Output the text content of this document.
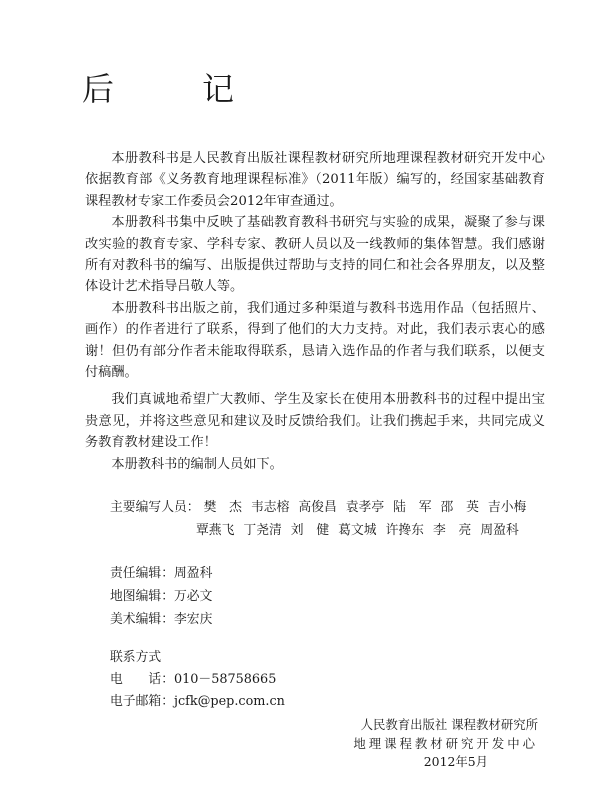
后　记

本册教科书是人民教育出版社课程教材研究所地理课程教材研究开发中心依据教育部《义务教育地理课程标准》（2011年版）编写的，经国家基础教育课程教材专家工作委员会2012年审查通过。

本册教科书集中反映了基础教育教科书研究与实验的成果，凝聚了参与课改实验的教育专家、学科专家、教研人员以及一线教师的集体智慧。我们感谢所有对教科书的编写、出版提供过帮助与支持的同仁和社会各界朋友，以及整体设计艺术指导吕敬人等。

本册教科书出版之前，我们通过多种渠道与教科书选用作品（包括照片、画作）的作者进行了联系，得到了他们的大力支持。对此，我们表示衷心的感谢！但仍有部分作者未能取得联系，恳请入选作品的作者与我们联系，以便支付稿酬。

我们真诚地希望广大教师、学生及家长在使用本册教科书的过程中提出宝贵意见，并将这些意见和建议及时反馈给我们。让我们携起手来，共同完成义务教育教材建设工作！

本册教科书的编制人员如下。

主要编写人员： 樊　杰 韦志榕 高俊昌 袁孝亭 陆　军 邵　英 吉小梅
覃燕飞 丁尧清 刘　健 葛文城 许搀东 李　亮 周盈科
责任编辑：周盈科
地图编辑：万必文
美术编辑：李宏庆
联系方式
电　　话：010－58758665
电子邮箱：jcfk@pep.com.cn
人民教育出版社 课程教材研究所
地理课程教材研究开发中心
2012年5月
